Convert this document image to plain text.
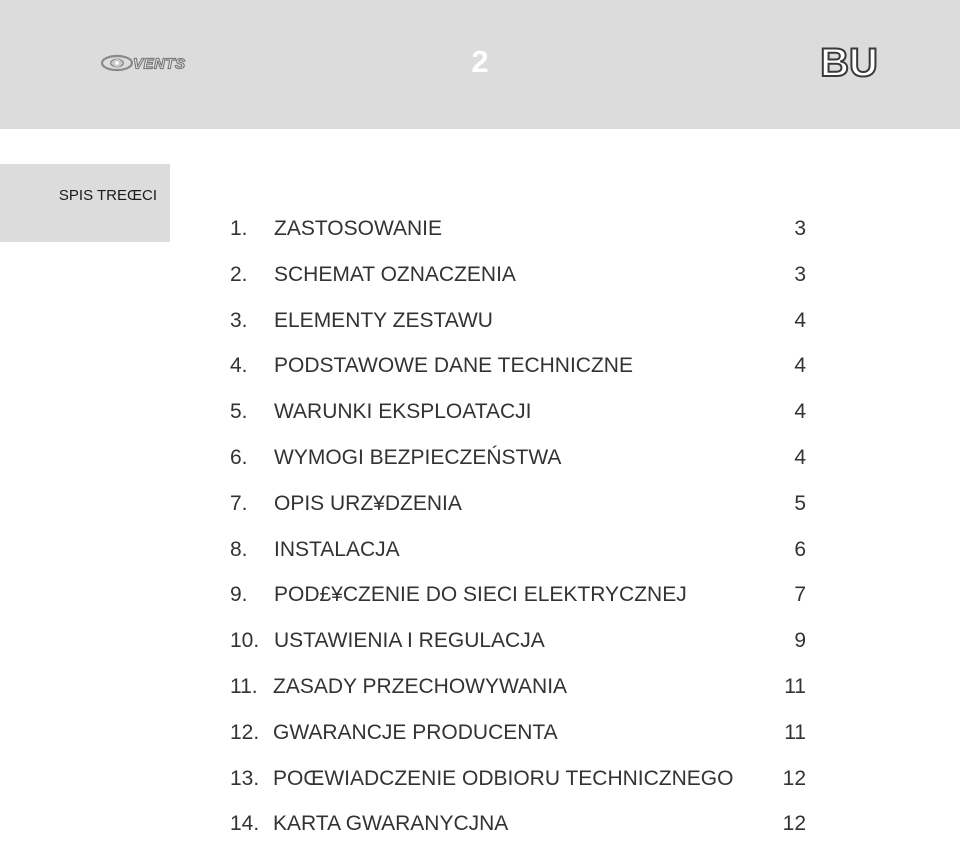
VENTS	2	BU
SPIS TREŒCI
1. ZASTOSOWANIE	3
2. SCHEMAT OZNACZENIA	3
3. ELEMENTY ZESTAWU	4
4. PODSTAWOWE DANE TECHNICZNE	4
5. WARUNKI EKSPLOATACJI	4
6. WYMOGI BEZPIECZEŃSTWA	4
7. OPIS URZ¥DZENIA	5
8. INSTALACJA	6
9. POD£¥CZENIE DO SIECI ELEKTRYCZNEJ	7
10. USTAWIENIA I REGULACJA	9
11. ZASADY PRZECHOWYWANIA	11
12. GWARANCJE PRODUCENTA	11
13. POŒWIADCZENIE ODBIORU TECHNICZNEGO 12
14. KARTA GWARANYCJNA	12
